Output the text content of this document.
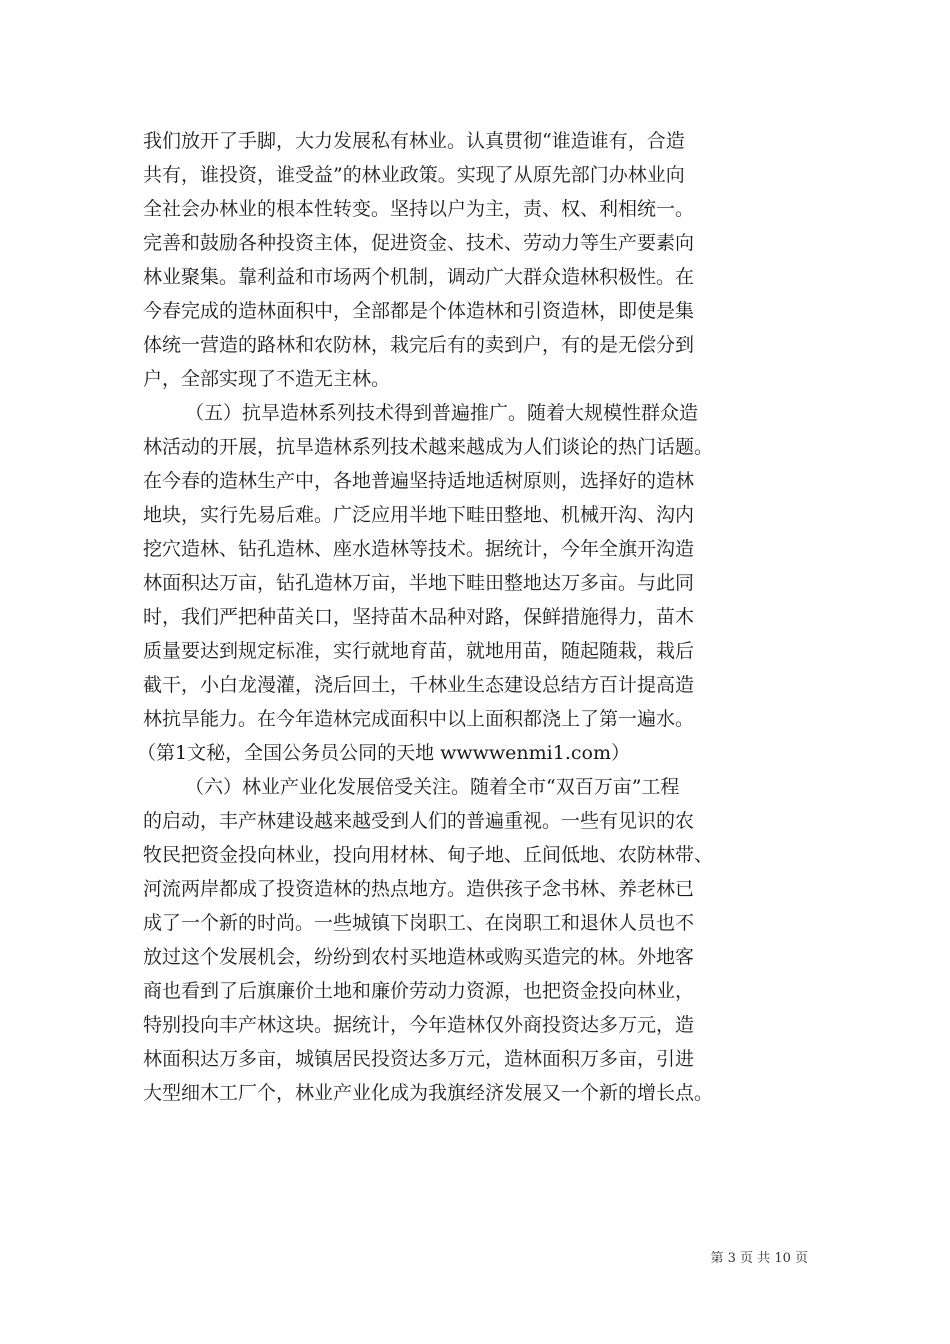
我们放开了手脚，大力发展私有林业。认真贯彻“谁造谁有，合造
共有，谁投资，谁受益”的林业政策。实现了从原先部门办林业向
全社会办林业的根本性转变。坚持以户为主，责、权、利相统一。
完善和鼓励各种投资主体，促进资金、技术、劳动力等生产要素向
林业聚集。靠利益和市场两个机制，调动广大群众造林积极性。在
今春完成的造林面积中，全部都是个体造林和引资造林，即使是集
体统一营造的路林和农防林，栽完后有的卖到户，有的是无偿分到
户，全部实现了不造无主林。
（五）抗旱造林系列技术得到普遍推广。随着大规模性群众造
林活动的开展，抗旱造林系列技术越来越成为人们谈论的热门话题。
在今春的造林生产中，各地普遍坚持适地适树原则，选择好的造林
地块，实行先易后难。广泛应用半地下畦田整地、机械开沟、沟内
挖穴造林、钻孔造林、座水造林等技术。据统计，今年全旗开沟造
林面积达万亩，钻孔造林万亩，半地下畦田整地达万多亩。与此同
时，我们严把种苗关口，坚持苗木品种对路，保鲜措施得力，苗木
质量要达到规定标准，实行就地育苗，就地用苗，随起随栽，栽后
截干，小白龙漫灌，浇后回土，千林业生态建设总结方百计提高造
林抗旱能力。在今年造林完成面积中以上面积都浇上了第一遍水。
（第1文秘，全国公务员公同的天地 wwwwenmi1.com）
（六）林业产业化发展倍受关注。随着全市“双百万亩”工程
的启动，丰产林建设越来越受到人们的普遍重视。一些有见识的农
牧民把资金投向林业，投向用材林、甸子地、丘间低地、农防林带、
河流两岸都成了投资造林的热点地方。造供孩子念书林、养老林已
成了一个新的时尚。一些城镇下岗职工、在岗职工和退休人员也不
放过这个发展机会，纷纷到农村买地造林或购买造完的林。外地客
商也看到了后旗廉价土地和廉价劳动力资源，也把资金投向林业，
特别投向丰产林这块。据统计，今年造林仅外商投资达多万元，造
林面积达万多亩，城镇居民投资达多万元，造林面积万多亩，引进
大型细木工厂个，林业产业化成为我旗经济发展又一个新的增长点。
第 3 页 共 10 页
